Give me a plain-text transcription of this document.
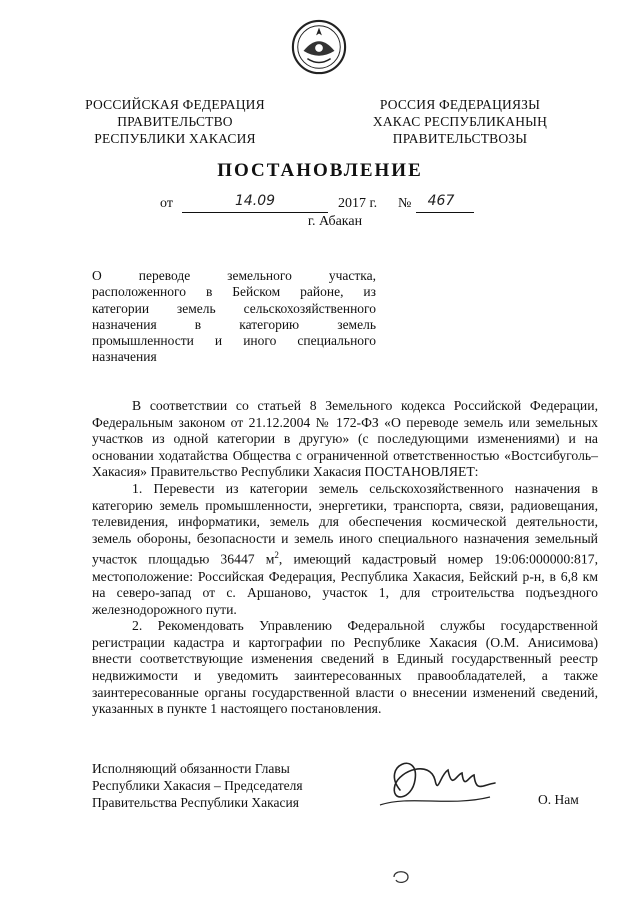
РОССИЙСКАЯ ФЕДЕРАЦИЯ
ПРАВИТЕЛЬСТВО
РЕСПУБЛИКИ ХАКАСИЯ
РОССИЯ ФЕДЕРАЦИЯЗЫ
ХАКАС РЕСПУБЛИКАНЫҢ
ПРАВИТЕЛЬСТВОЗЫ
ПОСТАНОВЛЕНИЕ
от	14.09	2017 г. №	467
г. Абакан
О переводе земельного участка,
расположенного в Бейском районе, из
категории земель сельскохозяйственного
назначения в категорию земель
промышленности и иного специального
назначения

В соответствии со статьей 8 Земельного кодекса Российской Федерации, Федеральным законом от 21.12.2004 № 172-ФЗ «О переводе земель или земельных участков из одной категории в другую» (с последующими изменениями) и на основании ходатайства Общества с ограниченной ответственностью «Востсибуголь–Хакасия» Правительство Республики Хакасия ПОСТАНОВЛЯЕТ:

1. Перевести из категории земель сельскохозяйственного назначения в категорию земель промышленности, энергетики, транспорта, связи, радиовещания, телевидения, информатики, земель для обеспечения космической деятельности, земель обороны, безопасности и земель иного специального назначения земельный участок площадью 36447 $м^2$, имеющий кадастровый номер 19:06:000000:817, местоположение: Российская Федерация, Республика Хакасия, Бейский р-н, в 6,8 км на северо-запад от с. Аршаново, участок 1, для строительства подъездного железнодорожного пути.

2. Рекомендовать Управлению Федеральной службы государственной регистрации кадастра и картографии по Республике Хакасия (О.М. Анисимова) внести соответствующие изменения сведений в Единый государственный реестр недвижимости и уведомить заинтересованных правообладателей, а также заинтересованные органы государственной власти о внесении изменений сведений, указанных в пункте 1 настоящего постановления.

Исполняющий обязанности Главы
Республики Хакасия – Председателя
Правительства Республики Хакасия	О. Нам
